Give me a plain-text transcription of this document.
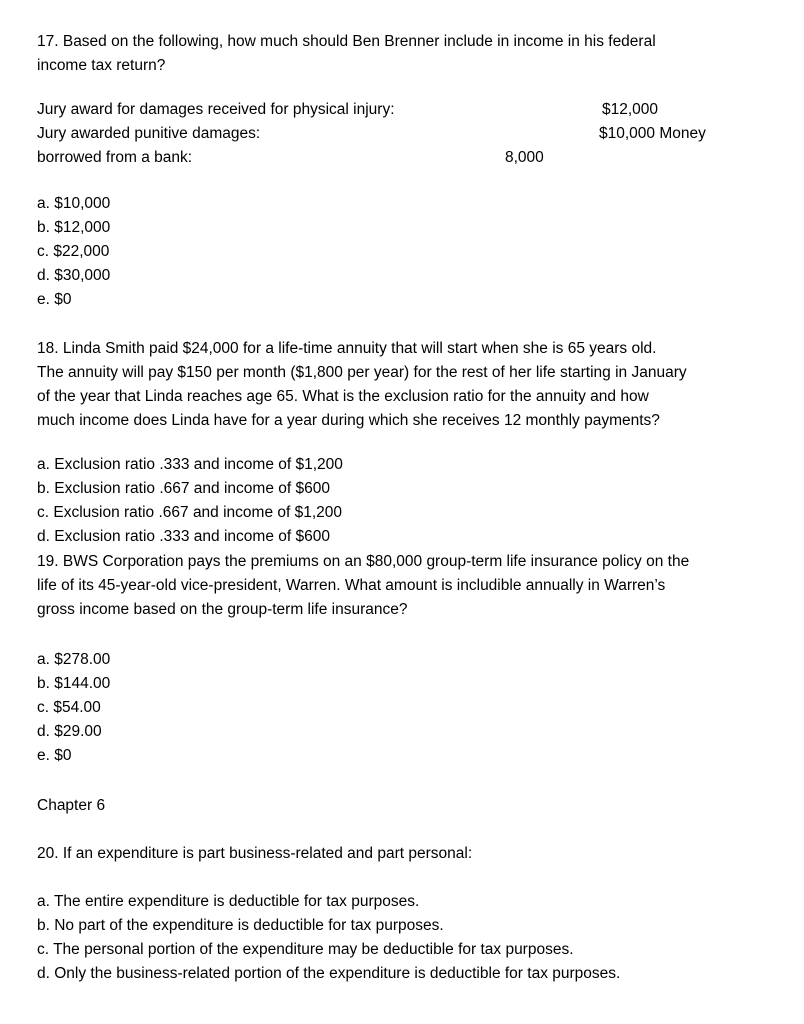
17. Based on the following, how much should Ben Brenner include in income in his federal
income tax return?
Jury award for damages received for physical injury:	$12,000
Jury awarded punitive damages:	$10,000 Money
borrowed from a bank:	8,000
a. $10,000
b. $12,000
c. $22,000
d. $30,000
e. $0
18. Linda Smith paid $24,000 for a life-time annuity that will start when she is 65 years old.
The annuity will pay $150 per month ($1,800 per year) for the rest of her life starting in January
of the year that Linda reaches age 65. What is the exclusion ratio for the annuity and how
much income does Linda have for a year during which she receives 12 monthly payments?
a. Exclusion ratio .333 and income of $1,200
b. Exclusion ratio .667 and income of $600
c. Exclusion ratio .667 and income of $1,200
d. Exclusion ratio .333 and income of $600
19. BWS Corporation pays the premiums on an $80,000 group-term life insurance policy on the
life of its 45-year-old vice-president, Warren. What amount is includible annually in Warren’s
gross income based on the group-term life insurance?
a. $278.00
b. $144.00
c. $54.00
d. $29.00
e. $0
Chapter 6
20. If an expenditure is part business-related and part personal:
a. The entire expenditure is deductible for tax purposes.
b. No part of the expenditure is deductible for tax purposes.
c. The personal portion of the expenditure may be deductible for tax purposes.
d. Only the business-related portion of the expenditure is deductible for tax purposes.
